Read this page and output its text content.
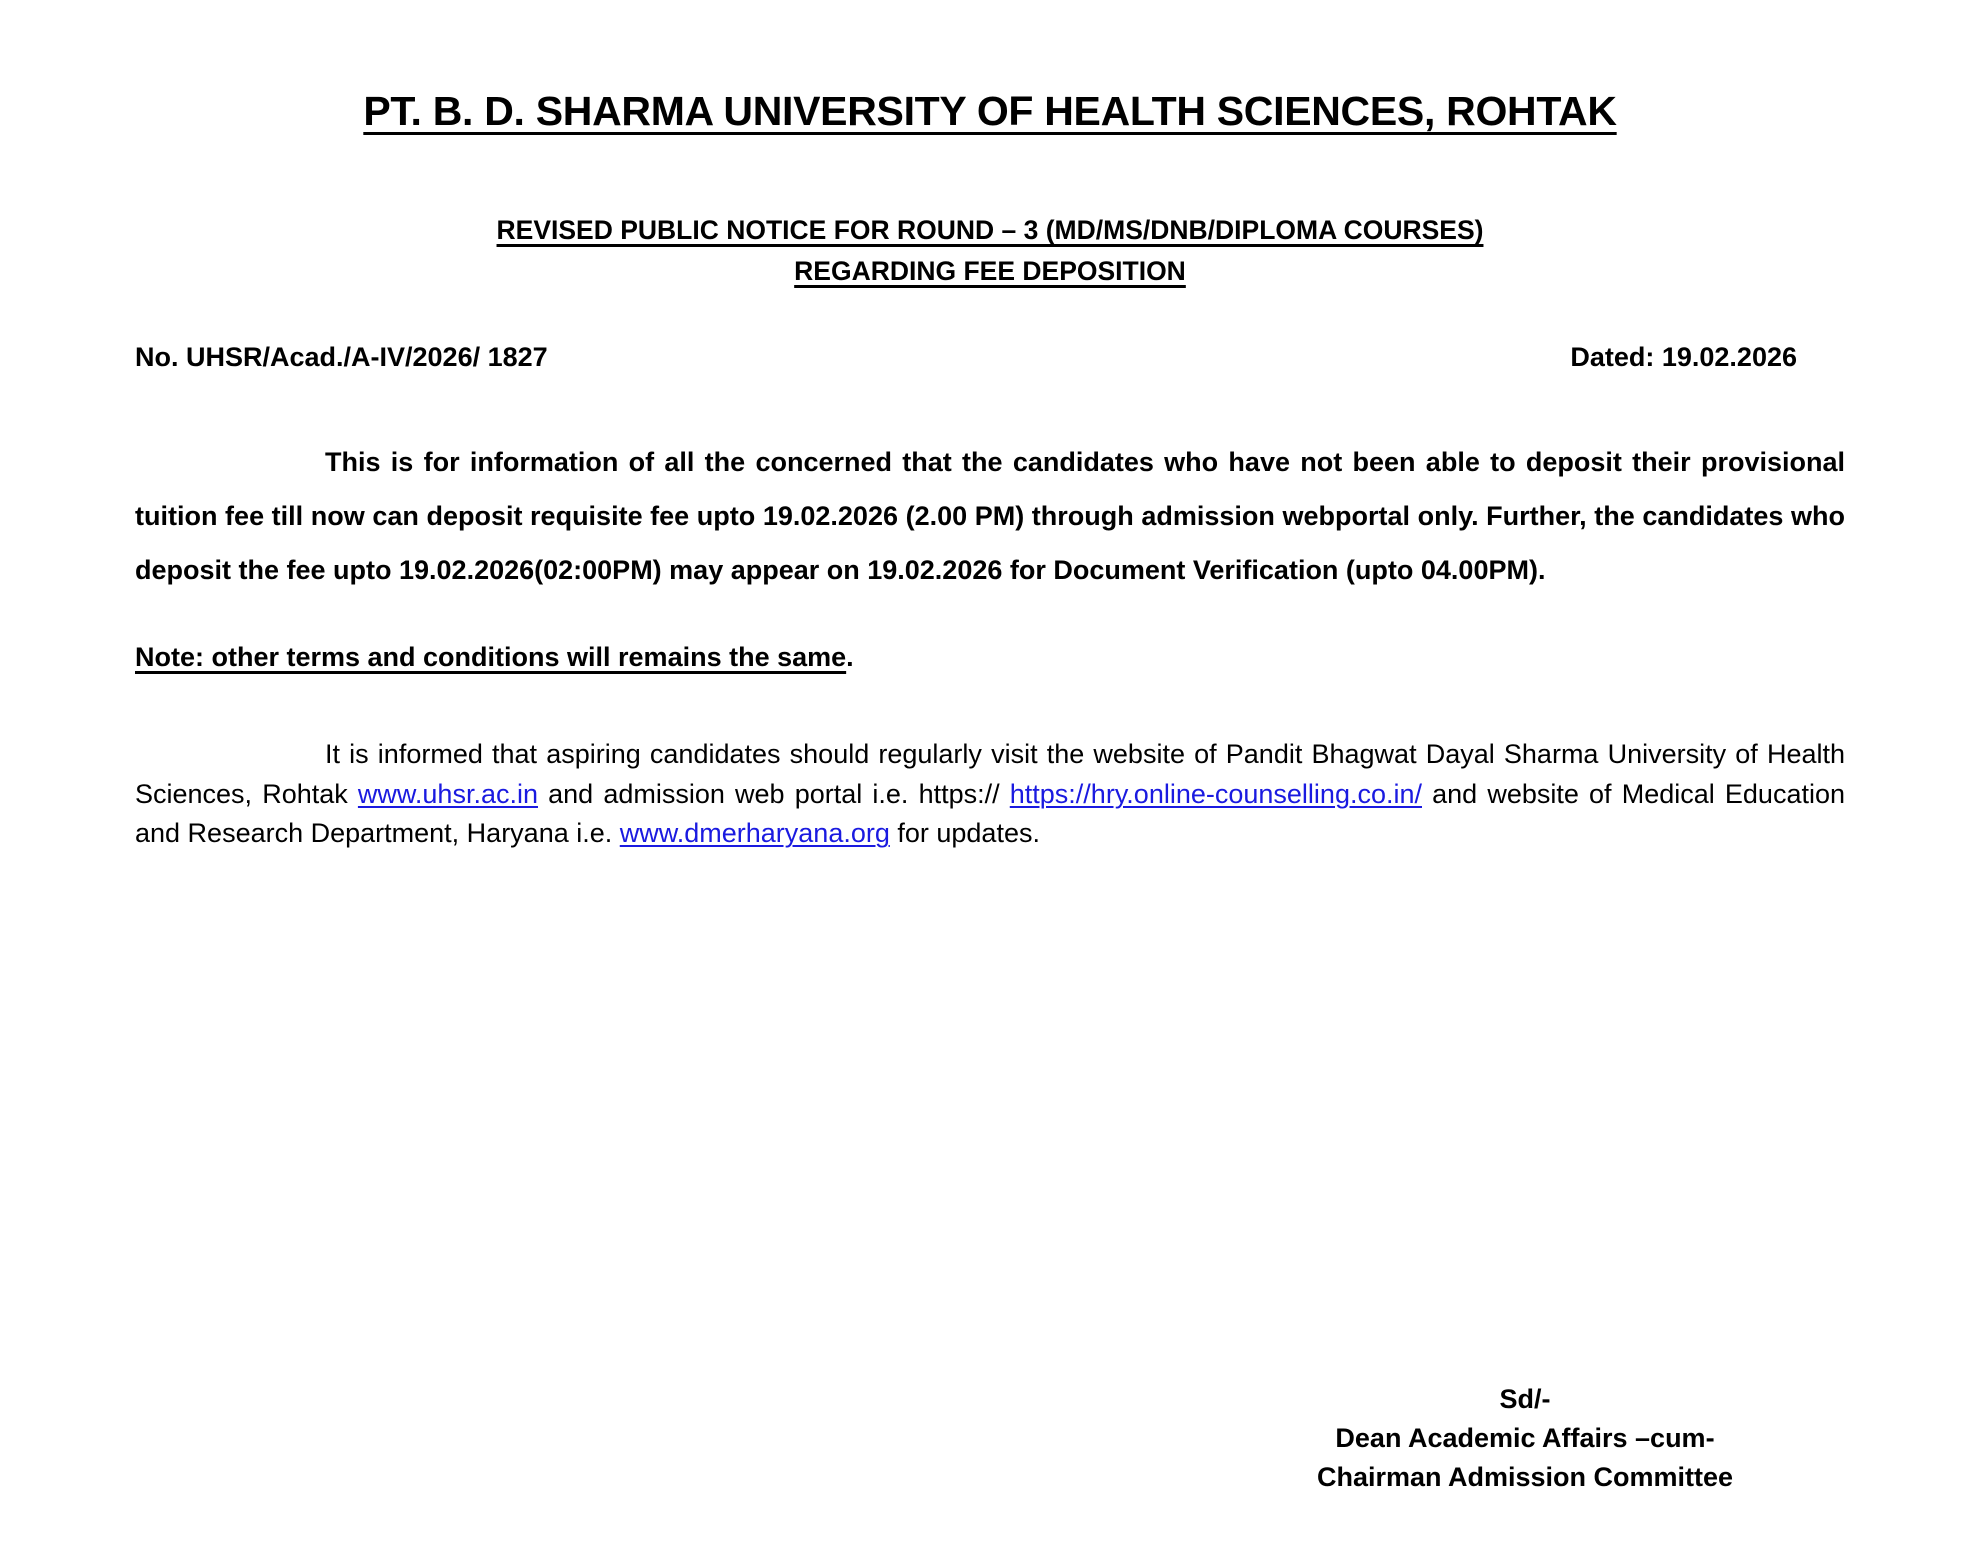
PT. B. D. SHARMA UNIVERSITY OF HEALTH SCIENCES, ROHTAK
REVISED PUBLIC NOTICE FOR ROUND – 3 (MD/MS/DNB/DIPLOMA COURSES)
REGARDING FEE DEPOSITION
No. UHSR/Acad./A-IV/2026/ 1827	Dated: 19.02.2026

This is for information of all the concerned that the candidates who have not been able to deposit their provisional tuition fee till now can deposit requisite fee upto 19.02.2026 (2.00 PM) through admission webportal only. Further, the candidates who deposit the fee upto 19.02.2026(02:00PM) may appear on 19.02.2026 for Document Verification (upto 04.00PM).

Note: other terms and conditions will remains the same.

It is informed that aspiring candidates should regularly visit the website of Pandit Bhagwat Dayal Sharma University of Health Sciences, Rohtak www.uhsr.ac.in and admission web portal i.e. https:// https://hry.online-counselling.co.in/ and website of Medical Education and Research Department, Haryana i.e. www.dmerharyana.org for updates.

Sd/-
Dean Academic Affairs –cum-
Chairman Admission Committee
